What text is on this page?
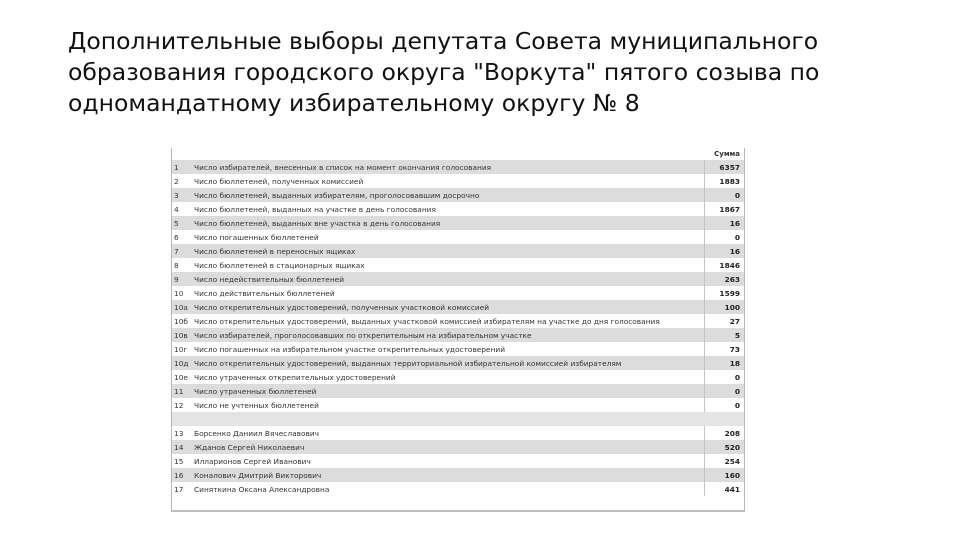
Дополнительные выборы депутата Совета муниципального
образования городского округа "Воркута" пятого созыва по
одномандатному избирательному округу № 8
		Сумма
1	Число избирателей, внесенных в список на момент окончания голосования	6357
2	Число бюллетеней, полученных комиссией	1883
3	Число бюллетеней, выданных избирателям, проголосовавшим досрочно	0
4	Число бюллетеней, выданных на участке в день голосования	1867
5	Число бюллетеней, выданных вне участка в день голосования	16
6	Число погашенных бюллетеней	0
7	Число бюллетеней в переносных ящиках	16
8	Число бюллетеней в стационарных ящиках	1846
9	Число недействительных бюллетеней	263
10	Число действительных бюллетеней	1599
10а	Число открепительных удостоверений, полученных участковой комиссией	100
10б	Число открепительных удостоверений, выданных участковой комиссией избирателям на участке до дня голосования	27
10в	Число избирателей, проголосовавших по открепительным на избирательном участке	5
10г	Число погашенных на избирательном участке открепительных удостоверений	73
10д	Число открепительных удостоверений, выданных территориальной избирательной комиссией избирателям	18
10е	Число утраченных открепительных удостоверений	0
11	Число утраченных бюллетеней	0
12	Число не учтенных бюллетеней	0

13	Борсенко Даниил Вячеславович	208
14	Жданов Сергей Николаевич	520
15	Илларионов Сергей Иванович	254
16	Коналович Дмитрий Викторович	160
17	Синяткина Оксана Александровна	441
